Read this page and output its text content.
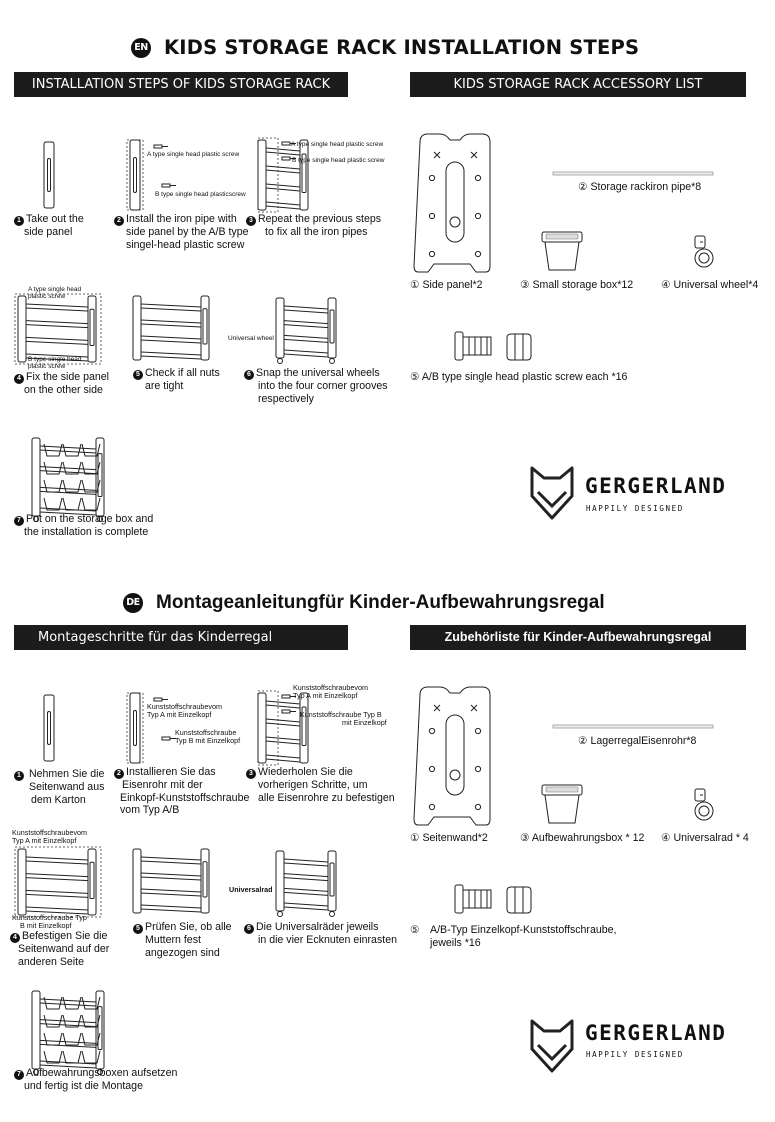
EN KIDS STORAGE RACK INSTALLATION STEPS
INSTALLATION STEPS OF KIDS STORAGE RACK	KIDS STORAGE RACK ACCESSORY LIST
1 Take out the
side panel
2 Install the iron pipe with
side panel by the A/B type
singel-head plastic screw
3 Repeat the previous steps
to fix all the iron pipes
4 Fix the side panel
on the other side
5 Check if all nuts
are tight
6 Snap the universal wheels
into the four corner grooves
respectively
7 Put on the storage box and
the installation is complete
A type single head plastic screw
B type single head plasticscrew
A type single head plastic screw
B type single head plastic screw
A type single head
plastic screw
B type single head
plastic screw
Universal wheel
① Side panel*2
② Storage rackiron pipe*8
③ Small storage box*12	④ Universal wheel*4
⑤ A/B type single head plastic screw each *16
GERGERLAND
HAPPILY DESIGNED
DE Montageanleitungfür Kinder-Aufbewahrungsregal
Montageschritte für das Kinderregal	Zubehörliste für Kinder-Aufbewahrungsregal
1 Nehmen Sie die
Seitenwand aus
dem Karton
2 Installieren Sie das
Eisenrohr mit der
Einkopf-Kunststoffschraube
vom Typ A/B
3 Wiederholen Sie die
vorherigen Schritte, um
alle Eisenrohre zu befestigen
4 Befestigen Sie die
Seitenwand auf der
anderen Seite
5 Prüfen Sie, ob alle
Muttern fest
angezogen sind
6 Die Universalräder jeweils
in die vier Ecknuten einrasten
7 Aufbewahrungsboxen aufsetzen
und fertig ist die Montage
Kunststoffschraubevom
Typ A mit Einzelkopf
Kunststoffschraube
Typ B mit Einzelkopf
Kunststoffschraubevom
Typ A mit Einzelkopf
Kunststoffschraube Typ B
mit Einzelkopf
Kunststoffschraubevom
Typ A mit Einzelkopf
Kunststoffschraube Typ
B mit Einzelkopf
Universalrad
① Seitenwand*2
② LagerregalEisenrohr*8
③ Aufbewahrungsbox * 12 ④ Universalrad * 4
⑤ A/B-Typ Einzelkopf-Kunststoffschraube,
jeweils *16
GERGERLAND
HAPPILY DESIGNED
